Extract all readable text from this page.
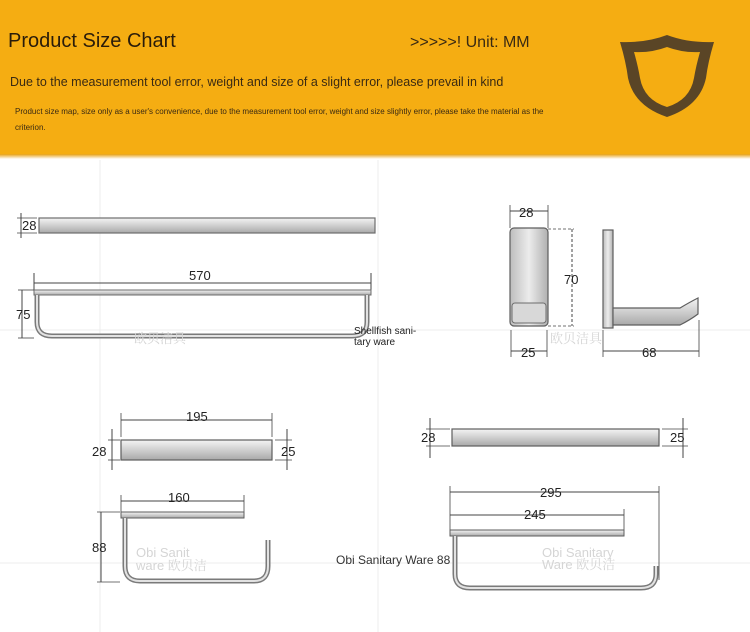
Product Size Chart	>>>>>! Unit: MM
Due to the measurement tool error, weight and size of a slight error, please prevail in kind
Product size map, size only as a user's convenience, due to the measurement tool error, weight and size slightly error, please take the material as the criterion.
28
570
75
欧贝洁具	Shellfish sani-
tary ware
28
70
25	68
欧贝洁具
195
28	25
160
88 Obi Sanit
ware 欧贝洁
28	25
295
245
Obi Sanitary
Ware 欧贝洁
Obi Sanitary Ware 88
